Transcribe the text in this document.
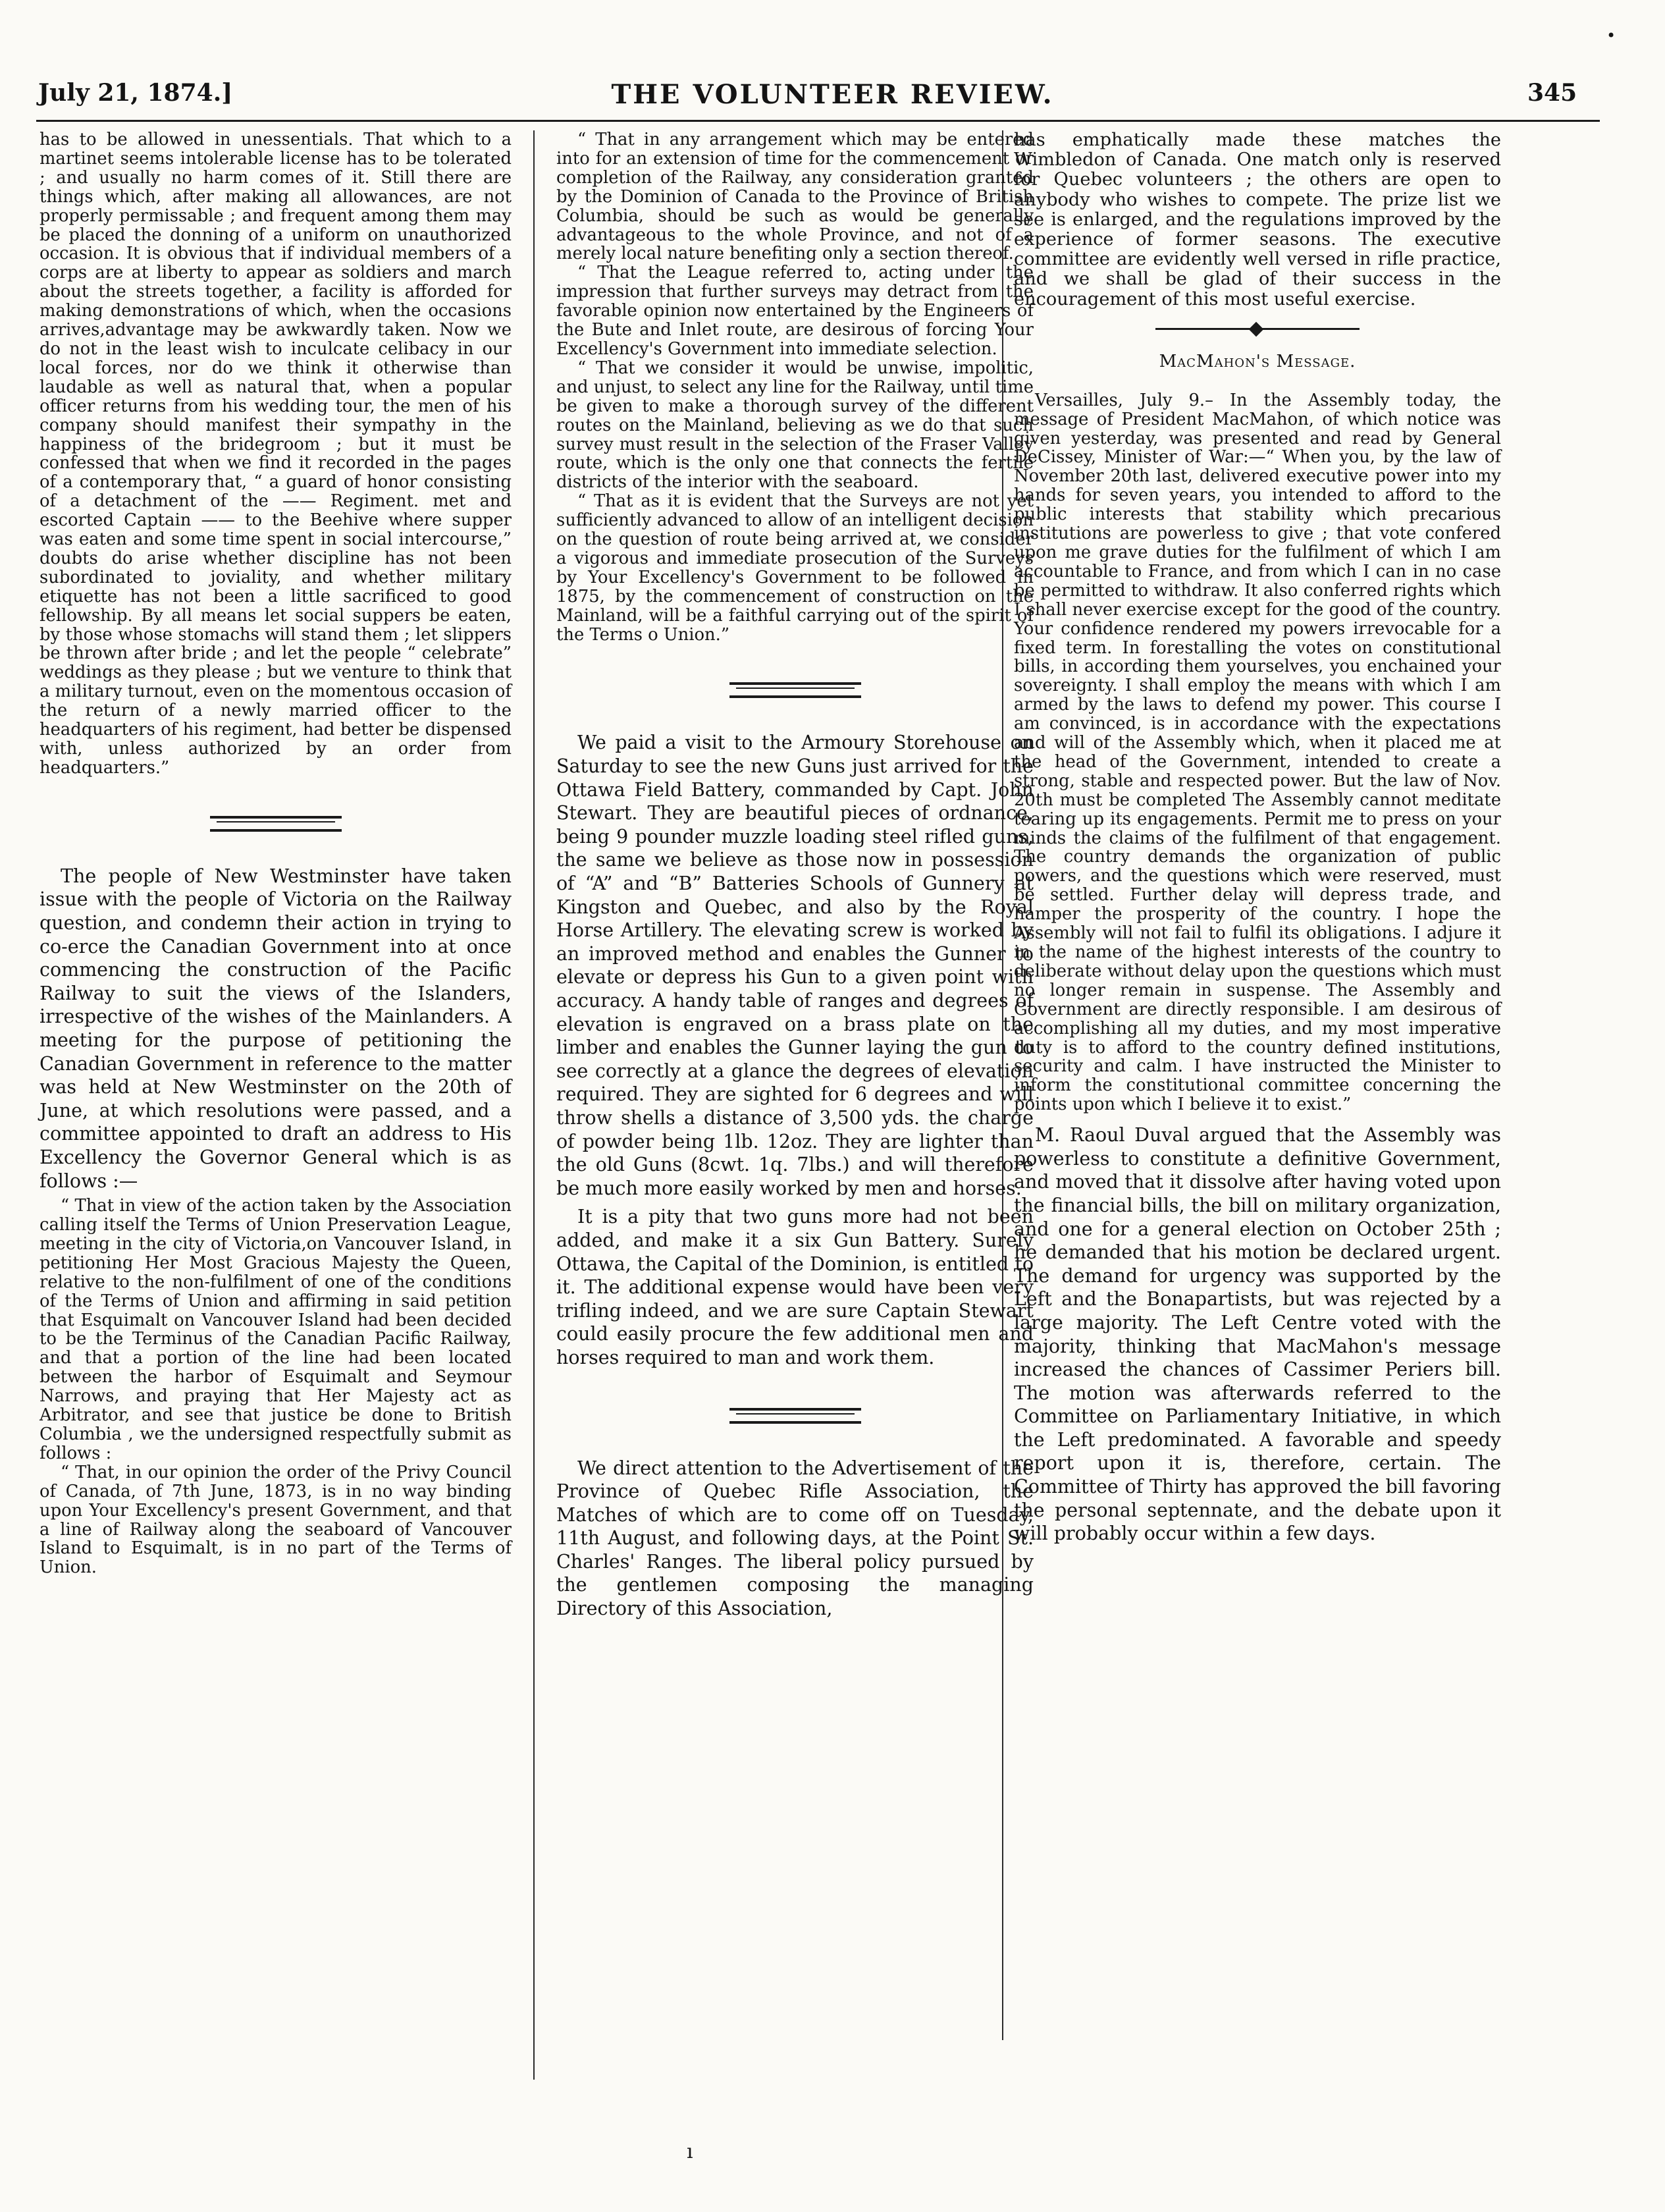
•
July 21, 1874.]	THE VOLUNTEER REVIEW.	345

has to be allowed in unessentials. That which to a martinet seems intolerable license has to be tolerated ; and usually no harm comes of it. Still there are things which, after making all allowances, are not properly permissable ; and frequent among them may be placed the donning of a uniform on unauthorized occasion. It is obvious that if individual members of a corps are at liberty to appear as soldiers and march about the streets together, a facility is afforded for making demonstrations of which, when the occasions arrives,advantage may be awkwardly taken. Now we do not in the least wish to inculcate celibacy in our local forces, nor do we think it otherwise than laudable as well as natural that, when a popular officer returns from his wedding tour, the men of his company should manifest their sympathy in the happiness of the bridegroom ; but it must be confessed that when we find it recorded in the pages of a contemporary that, “ a guard of honor consisting of a detachment of the —— Regiment. met and escorted Captain —— to the Beehive where supper was eaten and some time spent in social intercourse,” doubts do arise whether discipline has not been subordinated to joviality, and whether military etiquette has not been a little sacrificed to good fellowship. By all means let social suppers be eaten, by those whose stomachs will stand them ; let slippers be thrown after bride ; and let the people “ celebrate” weddings as they please ; but we venture to think that a military turnout, even on the momentous occasion of the return of a newly married officer to the headquarters of his regiment, had better be dispensed with, unless authorized by an order from headquarters.”

The people of New Westminster have taken issue with the people of Victoria on the Railway question, and condemn their action in trying to co-erce the Canadian Government into at once commencing the construction of the Pacific Railway to suit the views of the Islanders, irrespective of the wishes of the Mainlanders. A meeting for the purpose of petitioning the Canadian Government in reference to the matter was held at New Westminster on the 20th of June, at which resolutions were passed, and a committee appointed to draft an address to His Excellency the Governor General which is as follows :—

“ That in view of the action taken by the Association calling itself the Terms of Union Preservation League, meeting in the city of Victoria,on Vancouver Island, in petitioning Her Most Gracious Majesty the Queen, relative to the non-fulfilment of one of the conditions of the Terms of Union and affirming in said petition that Esquimalt on Vancouver Island had been decided to be the Terminus of the Canadian Pacific Railway, and that a portion of the line had been located between the harbor of Esquimalt and Seymour Narrows, and praying that Her Majesty act as Arbitrator, and see that justice be done to British Columbia , we the undersigned respectfully submit as follows :

“ That, in our opinion the order of the Privy Council of Canada, of 7th June, 1873, is in no way binding upon Your Excellency's present Government, and that a line of Railway along the seaboard of Vancouver Island to Esquimalt, is in no part of the Terms of Union.

“ That in any arrangement which may be entered into for an extension of time for the commencement or completion of the Railway, any consideration granted by the Dominion of Canada to the Province of British Columbia, should be such as would be generally advantageous to the whole Province, and not of a merely local nature benefiting only a section thereof.

“ That the League referred to, acting under the impression that further surveys may detract from the favorable opinion now entertained by the Engineers of the Bute and Inlet route, are desirous of forcing Your Excellency's Government into immediate selection.

“ That we consider it would be unwise, impolitic, and unjust, to select any line for the Railway, until time be given to make a thorough survey of the different routes on the Mainland, believing as we do that such survey must result in the selection of the Fraser Valley route, which is the only one that connects the fertile districts of the interior with the seaboard.

“ That as it is evident that the Surveys are not yet sufficiently advanced to allow of an intelligent decision on the question of route being arrived at, we consider a vigorous and immediate prosecution of the Surveys by Your Excellency's Government to be followed in 1875, by the commencement of construction on the Mainland, will be a faithful carrying out of the spirit of the Terms o Union.”

We paid a visit to the Armoury Storehouse on Saturday to see the new Guns just arrived for the Ottawa Field Battery, commanded by Capt. John Stewart. They are beautiful pieces of ordnance, being 9 pounder muzzle loading steel rifled guns, the same we believe as those now in possession of “A” and “B” Batteries Schools of Gunnery at Kingston and Quebec, and also by the Royal Horse Artillery. The elevating screw is worked by an improved method and enables the Gunner to elevate or depress his Gun to a given point with accuracy. A handy table of ranges and degrees of elevation is engraved on a brass plate on the limber and enables the Gunner laying the gun to see correctly at a glance the degrees of elevation required. They are sighted for 6 degrees and will throw shells a distance of 3,500 yds. the charge of powder being 1lb. 12oz. They are lighter than the old Guns (8cwt. 1q. 7lbs.) and will therefore be much more easily worked by men and horses.

It is a pity that two guns more had not been added, and make it a six Gun Battery. Surely Ottawa, the Capital of the Dominion, is entitled to it. The additional expense would have been very trifling indeed, and we are sure Captain Stewart could easily procure the few additional men and horses required to man and work them.

We direct attention to the Advertisement of the Province of Quebec Rifle Association, the Matches of which are to come off on Tuesday, 11th August, and following days, at the Point St. Charles' Ranges. The liberal policy pursued by the gentlemen composing the managing Directory of this Association,

has emphatically made these matches the Wimbledon of Canada. One match only is reserved for Quebec volunteers ; the others are open to anybody who wishes to compete. The prize list we see is enlarged, and the regulations improved by the experience of former seasons. The executive committee are evidently well versed in rifle practice, and we shall be glad of their success in the encouragement of this most useful exercise.

MacMahon's Message.

Versailles, July 9.– In the Assembly today, the message of President MacMahon, of which notice was given yesterday, was presented and read by General DeCissey, Minister of War:—“ When you, by the law of November 20th last, delivered executive power into my hands for seven years, you intended to afford to the public interests that stability which precarious institutions are powerless to give ; that vote confered upon me grave duties for the fulfilment of which I am accountable to France, and from which I can in no case be permitted to withdraw. It also conferred rights which I shall never exercise except for the good of the country. Your confidence rendered my powers irrevocable for a fixed term. In forestalling the votes on constitutional bills, in according them yourselves, you enchained your sovereignty. I shall employ the means with which I am armed by the laws to defend my power. This course I am convinced, is in accordance with the expectations and will of the Assembly which, when it placed me at the head of the Government, intended to create a strong, stable and respected power. But the law of Nov. 20th must be completed The Assembly cannot meditate tearing up its engagements. Permit me to press on your minds the claims of the fulfilment of that engagement. The country demands the organization of public powers, and the questions which were reserved, must be settled. Further delay will depress trade, and hamper the prosperity of the country. I hope the Assembly will not fail to fulfil its obligations. I adjure it in the name of the highest interests of the country to deliberate without delay upon the questions which must no longer remain in suspense. The Assembly and Government are directly responsible. I am desirous of accomplishing all my duties, and my most imperative duty is to afford to the country defined institutions, security and calm. I have instructed the Minister to inform the constitutional committee concerning the points upon which I believe it to exist.”

M. Raoul Duval argued that the Assembly was powerless to constitute a definitive Government, and moved that it dissolve after having voted upon the financial bills, the bill on military organization, and one for a general election on October 25th ; he demanded that his motion be declared urgent. The demand for urgency was supported by the Left and the Bonapartists, but was rejected by a large majority. The Left Centre voted with the majority, thinking that MacMahon's message increased the chances of Cassimer Periers bill. The motion was afterwards referred to the Committee on Parliamentary Initiative, in which the Left predominated. A favorable and speedy report upon it is, therefore, certain. The Committee of Thirty has approved the bill favoring the personal septennate, and the debate upon it will probably occur within a few days.

ı
